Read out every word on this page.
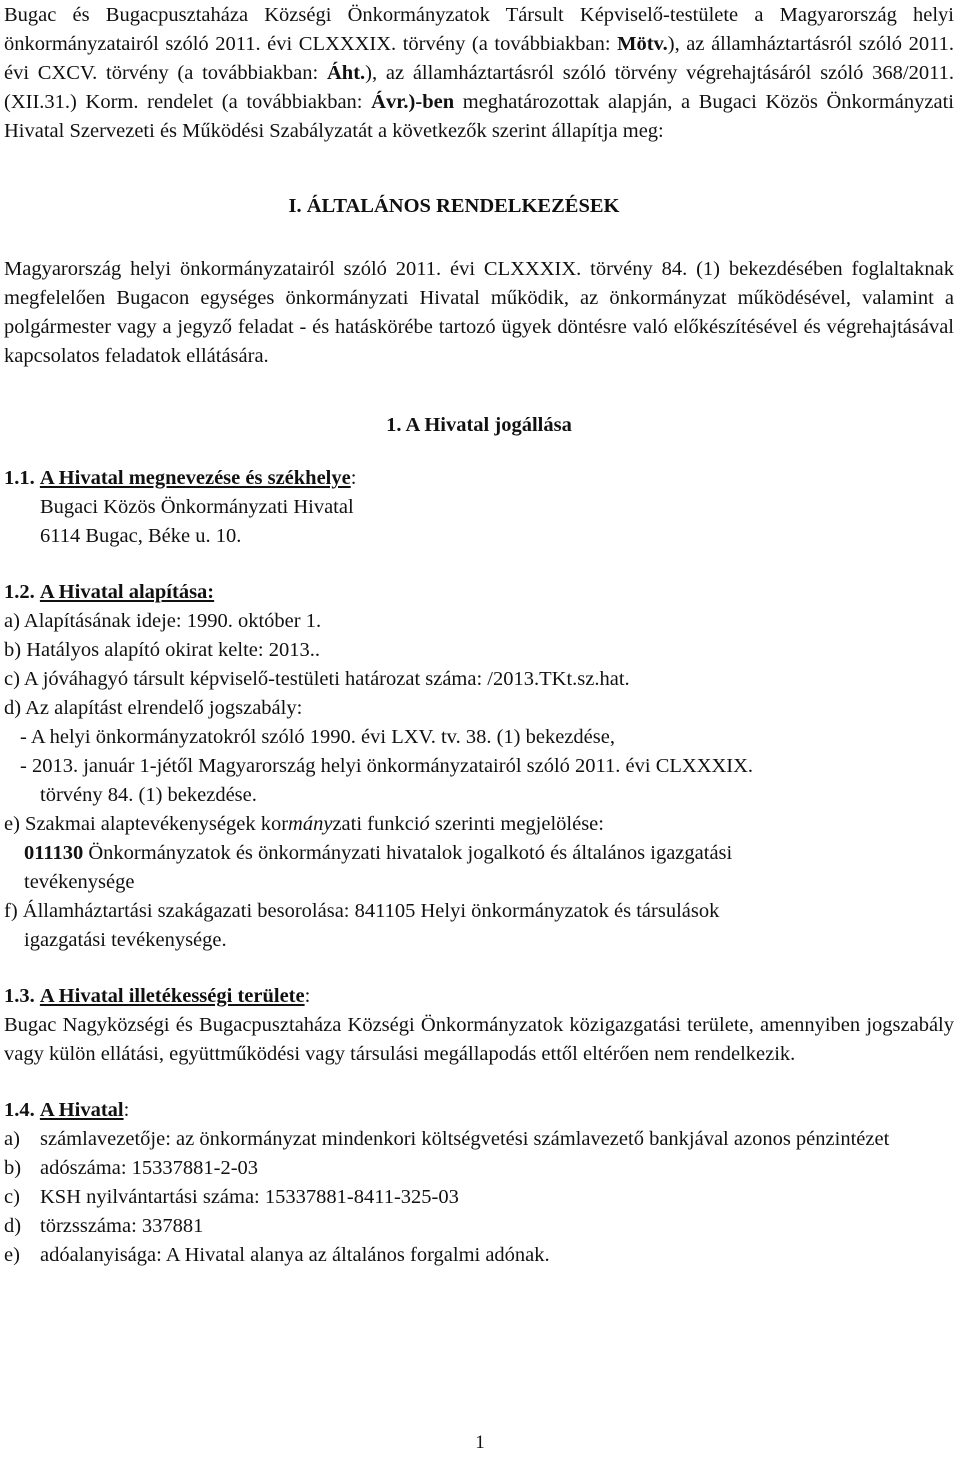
Bugac és Bugacpusztaháza Községi Önkormányzatok Társult Képviselő-testülete a Magyarország helyi önkormányzatairól szóló 2011. évi CLXXXIX. törvény (a továbbiakban: Mötv.), az államháztartásról szóló 2011. évi CXCV. törvény (a továbbiakban: Áht.), az államháztartásról szóló törvény végrehajtásáról szóló 368/2011.(XII.31.) Korm. rendelet (a továbbiakban: Ávr.)-ben meghatározottak alapján, a Bugaci Közös Önkormányzati Hivatal Szervezeti és Működési Szabályzatát a következők szerint állapítja meg:

I. ÁLTALÁNOS RENDELKEZÉSEK

Magyarország helyi önkormányzatairól szóló 2011. évi CLXXXIX. törvény 84. (1) bekezdésében foglaltaknak megfelelően Bugacon egységes önkormányzati Hivatal működik, az önkormányzat működésével, valamint a polgármester vagy a jegyző feladat - és hatáskörébe tartozó ügyek döntésre való előkészítésével és végrehajtásával kapcsolatos feladatok ellátására.

1. A Hivatal jogállása

1.1. A Hivatal megnevezése és székhelye:

Bugaci Közös Önkormányzati Hivatal

6114 Bugac, Béke u. 10.

1.2. A Hivatal alapítása:

a) Alapításának ideje: 1990. október 1.

b) Hatályos alapító okirat kelte: 2013..

c) A jóváhagyó társult képviselő-testületi határozat száma: /2013.TKt.sz.hat.

d) Az alapítást elrendelő jogszabály:

- A helyi önkormányzatokról szóló 1990. évi LXV. tv. 38. (1) bekezdése,

- 2013. január 1-jétől Magyarország helyi önkormányzatairól szóló 2011. évi CLXXXIX.

törvény 84. (1) bekezdése.

e) Szakmai alaptevékenységek kormányzati funkció szerinti megjelölése:

011130 Önkormányzatok és önkormányzati hivatalok jogalkotó és általános igazgatási

tevékenysége

f) Államháztartási szakágazati besorolása: 841105 Helyi önkormányzatok és társulások

igazgatási tevékenysége.

1.3. A Hivatal illetékességi területe:

Bugac Nagyközségi és Bugacpusztaháza Községi Önkormányzatok közigazgatási területe, amennyiben jogszabály vagy külön ellátási, együttműködési vagy társulási megállapodás ettől eltérően nem rendelkezik.

1.4. A Hivatal:

a) számlavezetője: az önkormányzat mindenkori költségvetési számlavezető bankjával azonos pénzintézet
b) adószáma: 15337881-2-03
c) KSH nyilvántartási száma: 15337881-8411-325-03
d) törzsszáma: 337881
e) adóalanyisága: A Hivatal alanya az általános forgalmi adónak.
1
